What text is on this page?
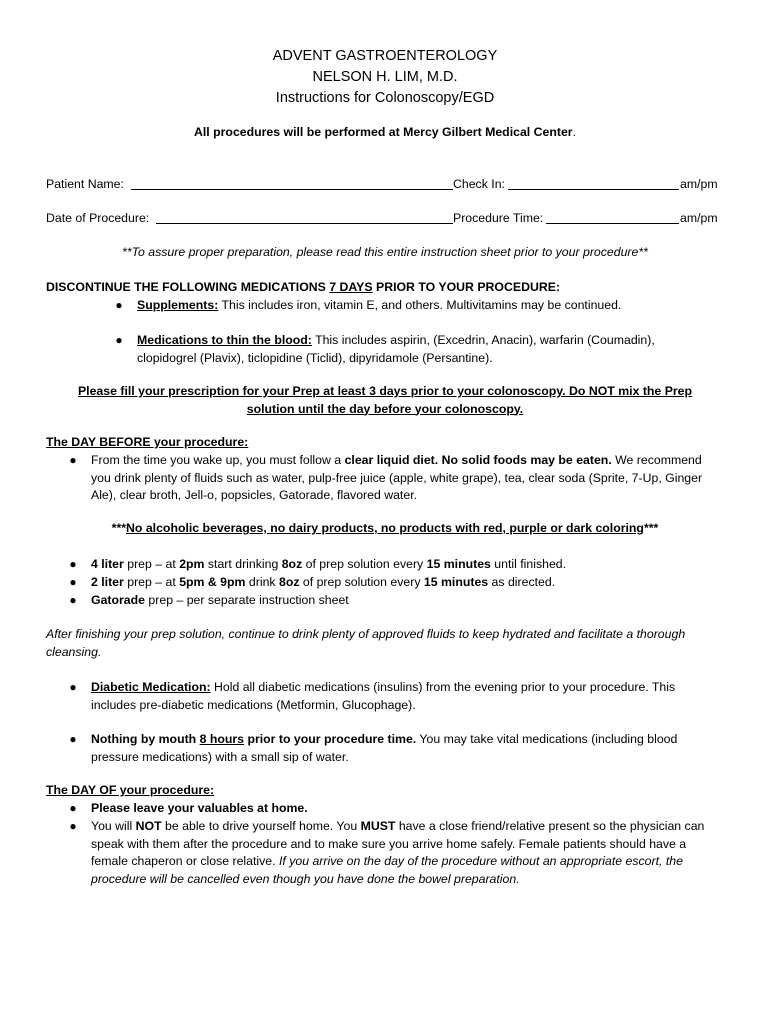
ADVENT GASTROENTEROLOGY
NELSON H. LIM, M.D.
Instructions for Colonoscopy/EGD
All procedures will be performed at Mercy Gilbert Medical Center.
Patient Name:	Check In:	am/pm
Date of Procedure:	Procedure Time:	am/pm
**To assure proper preparation, please read this entire instruction sheet prior to your procedure**
DISCONTINUE THE FOLLOWING MEDICATIONS 7 DAYS PRIOR TO YOUR PROCEDURE:
● Supplements: This includes iron, vitamin E, and others. Multivitamins may be continued.
● Medications to thin the blood: This includes aspirin, (Excedrin, Anacin), warfarin (Coumadin),
clopidogrel (Plavix), ticlopidine (Ticlid), dipyridamole (Persantine).
Please fill your prescription for your Prep at least 3 days prior to your colonoscopy. Do NOT mix the Prep
solution until the day before your colonoscopy.
The DAY BEFORE your procedure:
● From the time you wake up, you must follow a clear liquid diet. No solid foods may be eaten. We recommend
you drink plenty of fluids such as water, pulp-free juice (apple, white grape), tea, clear soda (Sprite, 7-Up, Ginger
Ale), clear broth, Jell-o, popsicles, Gatorade, flavored water.
***No alcoholic beverages, no dairy products, no products with red, purple or dark coloring***
● 4 liter prep – at 2pm start drinking 8oz of prep solution every 15 minutes until finished.
● 2 liter prep – at 5pm & 9pm drink 8oz of prep solution every 15 minutes as directed.
● Gatorade prep – per separate instruction sheet
After finishing your prep solution, continue to drink plenty of approved fluids to keep hydrated and facilitate a thorough
cleansing.
● Diabetic Medication: Hold all diabetic medications (insulins) from the evening prior to your procedure. This
includes pre-diabetic medications (Metformin, Glucophage).
● Nothing by mouth 8 hours prior to your procedure time. You may take vital medications (including blood
pressure medications) with a small sip of water.
The DAY OF your procedure:
● Please leave your valuables at home.
● You will NOT be able to drive yourself home. You MUST have a close friend/relative present so the physician can
speak with them after the procedure and to make sure you arrive home safely. Female patients should have a
female chaperon or close relative. If you arrive on the day of the procedure without an appropriate escort, the
procedure will be cancelled even though you have done the bowel preparation.
